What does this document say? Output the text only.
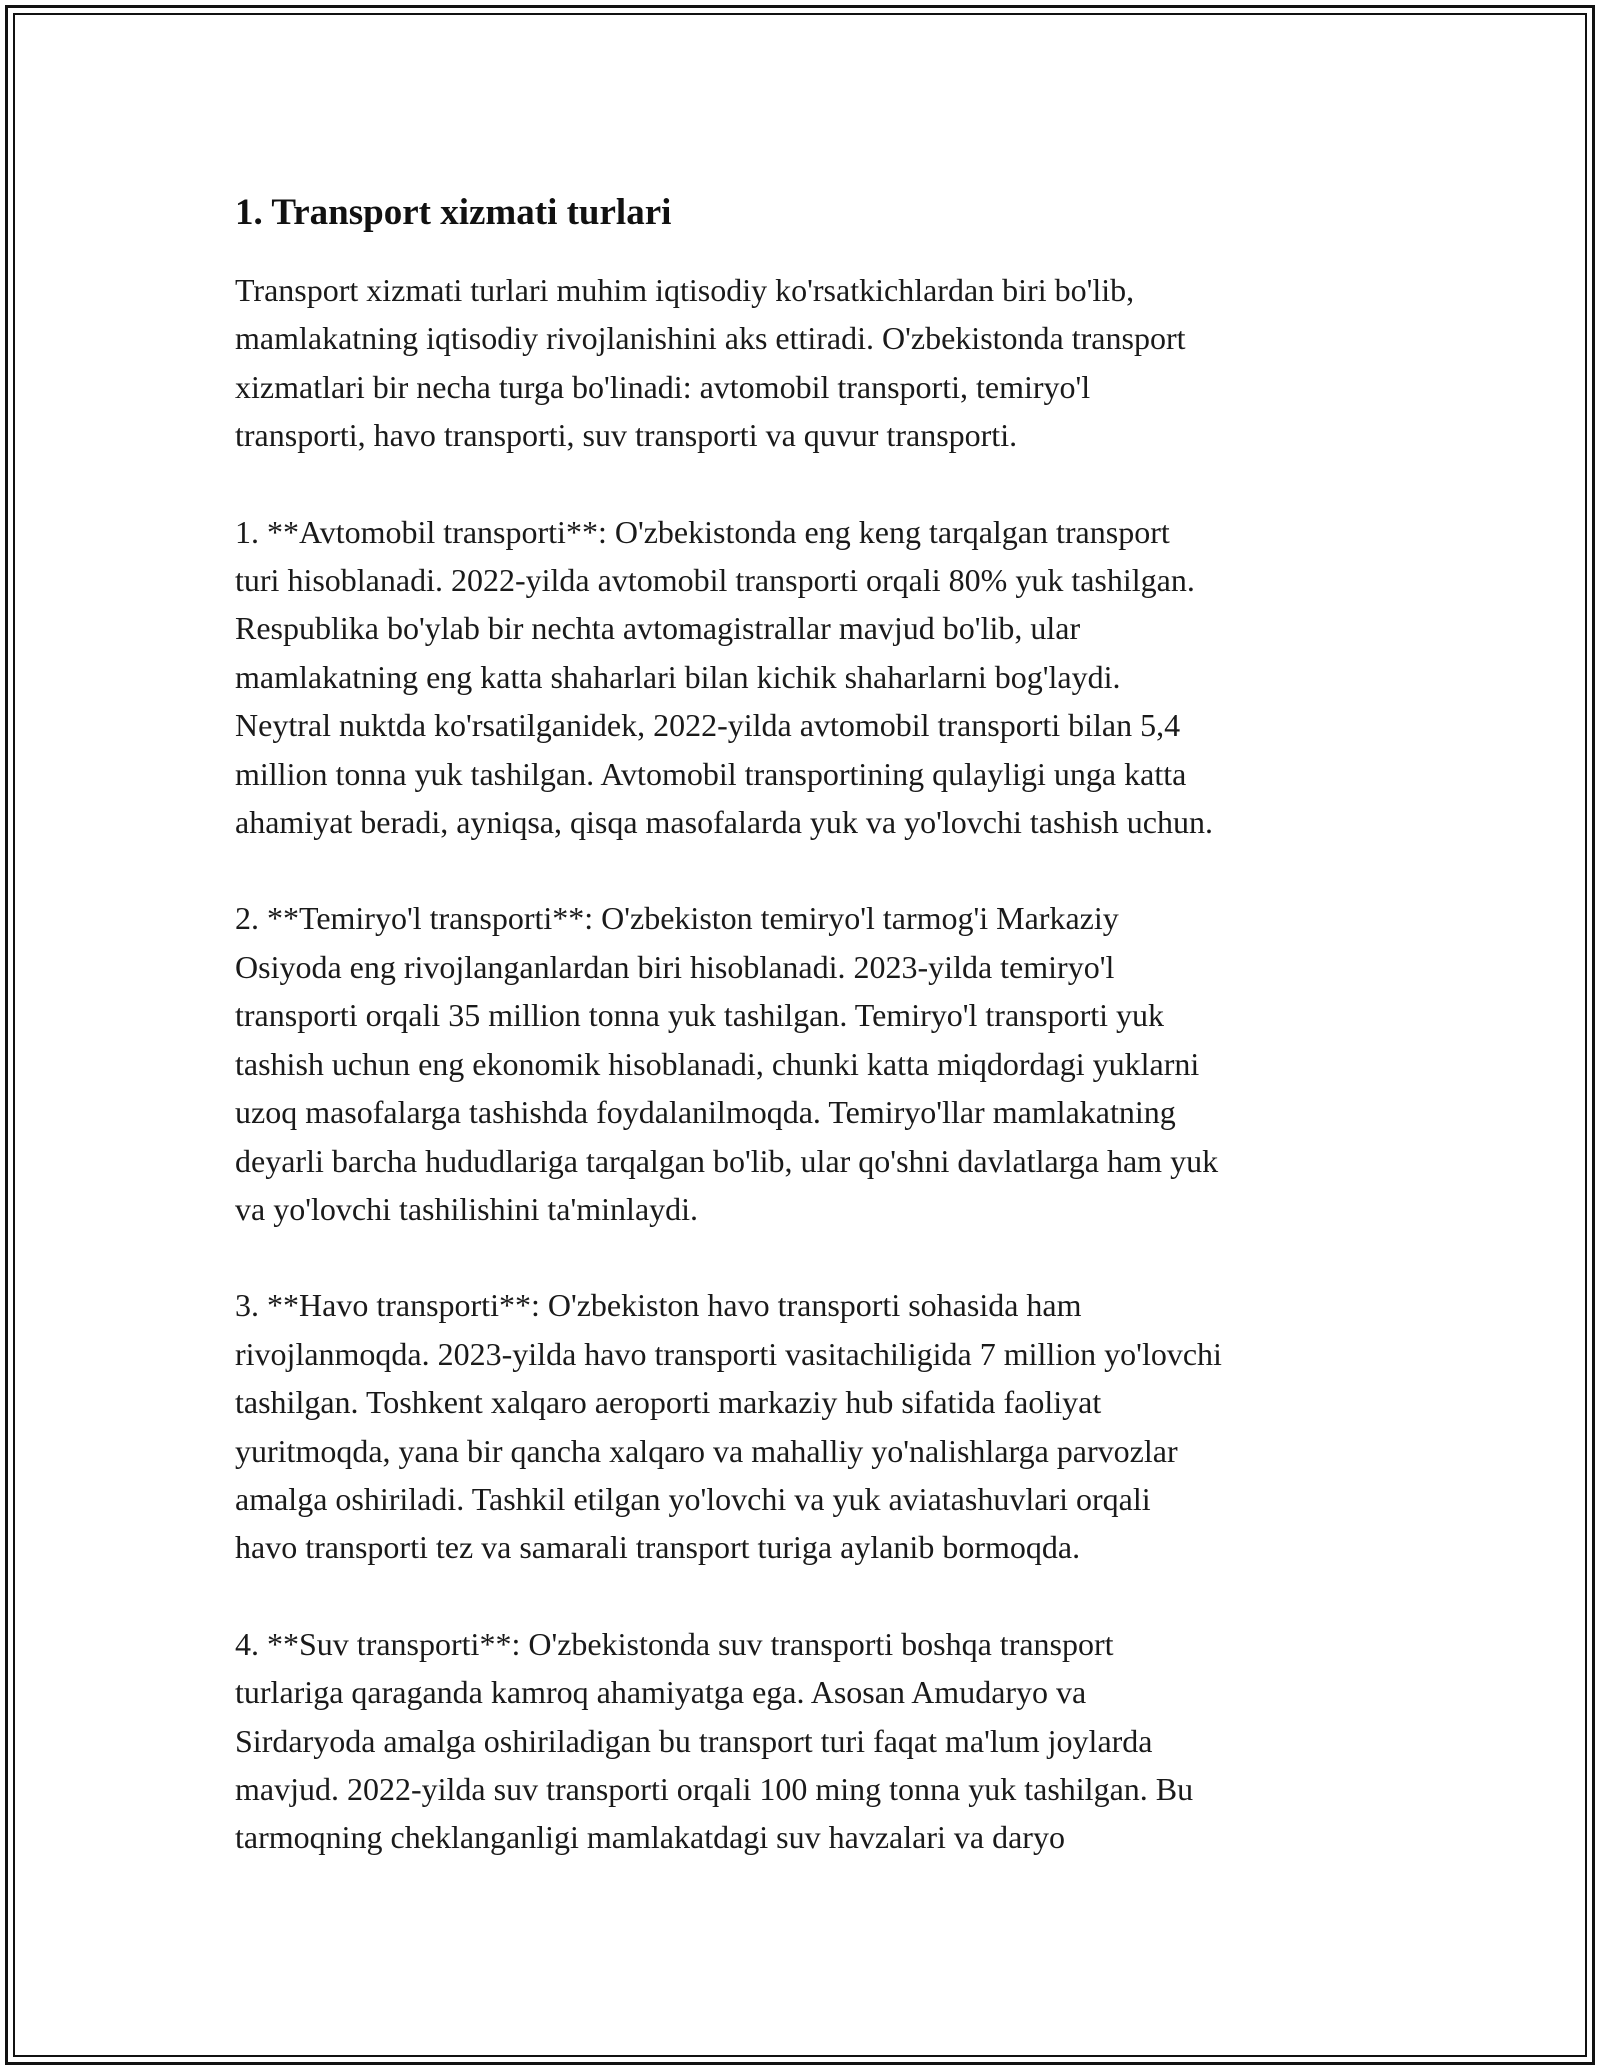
1. Transport xizmati turlari

Transport xizmati turlari muhim iqtisodiy ko'rsatkichlardan biri bo'lib,
mamlakatning iqtisodiy rivojlanishini aks ettiradi. O'zbekistonda transport
xizmatlari bir necha turga bo'linadi: avtomobil transporti, temiryo'l
transporti, havo transporti, suv transporti va quvur transporti.

1. **Avtomobil transporti**: O'zbekistonda eng keng tarqalgan transport
turi hisoblanadi. 2022-yilda avtomobil transporti orqali 80% yuk tashilgan.
Respublika bo'ylab bir nechta avtomagistrallar mavjud bo'lib, ular
mamlakatning eng katta shaharlari bilan kichik shaharlarni bog'laydi.
Neytral nuktda ko'rsatilganidek, 2022-yilda avtomobil transporti bilan 5,4
million tonna yuk tashilgan. Avtomobil transportining qulayligi unga katta
ahamiyat beradi, ayniqsa, qisqa masofalarda yuk va yo'lovchi tashish uchun.

2. **Temiryo'l transporti**: O'zbekiston temiryo'l tarmog'i Markaziy
Osiyoda eng rivojlanganlardan biri hisoblanadi. 2023-yilda temiryo'l
transporti orqali 35 million tonna yuk tashilgan. Temiryo'l transporti yuk
tashish uchun eng ekonomik hisoblanadi, chunki katta miqdordagi yuklarni
uzoq masofalarga tashishda foydalanilmoqda. Temiryo'llar mamlakatning
deyarli barcha hududlariga tarqalgan bo'lib, ular qo'shni davlatlarga ham yuk
va yo'lovchi tashilishini ta'minlaydi.

3. **Havo transporti**: O'zbekiston havo transporti sohasida ham
rivojlanmoqda. 2023-yilda havo transporti vasitachiligida 7 million yo'lovchi
tashilgan. Toshkent xalqaro aeroporti markaziy hub sifatida faoliyat
yuritmoqda, yana bir qancha xalqaro va mahalliy yo'nalishlarga parvozlar
amalga oshiriladi. Tashkil etilgan yo'lovchi va yuk aviatashuvlari orqali
havo transporti tez va samarali transport turiga aylanib bormoqda.

4. **Suv transporti**: O'zbekistonda suv transporti boshqa transport
turlariga qaraganda kamroq ahamiyatga ega. Asosan Amudaryo va
Sirdaryoda amalga oshiriladigan bu transport turi faqat ma'lum joylarda
mavjud. 2022-yilda suv transporti orqali 100 ming tonna yuk tashilgan. Bu
tarmoqning cheklanganligi mamlakatdagi suv havzalari va daryo
